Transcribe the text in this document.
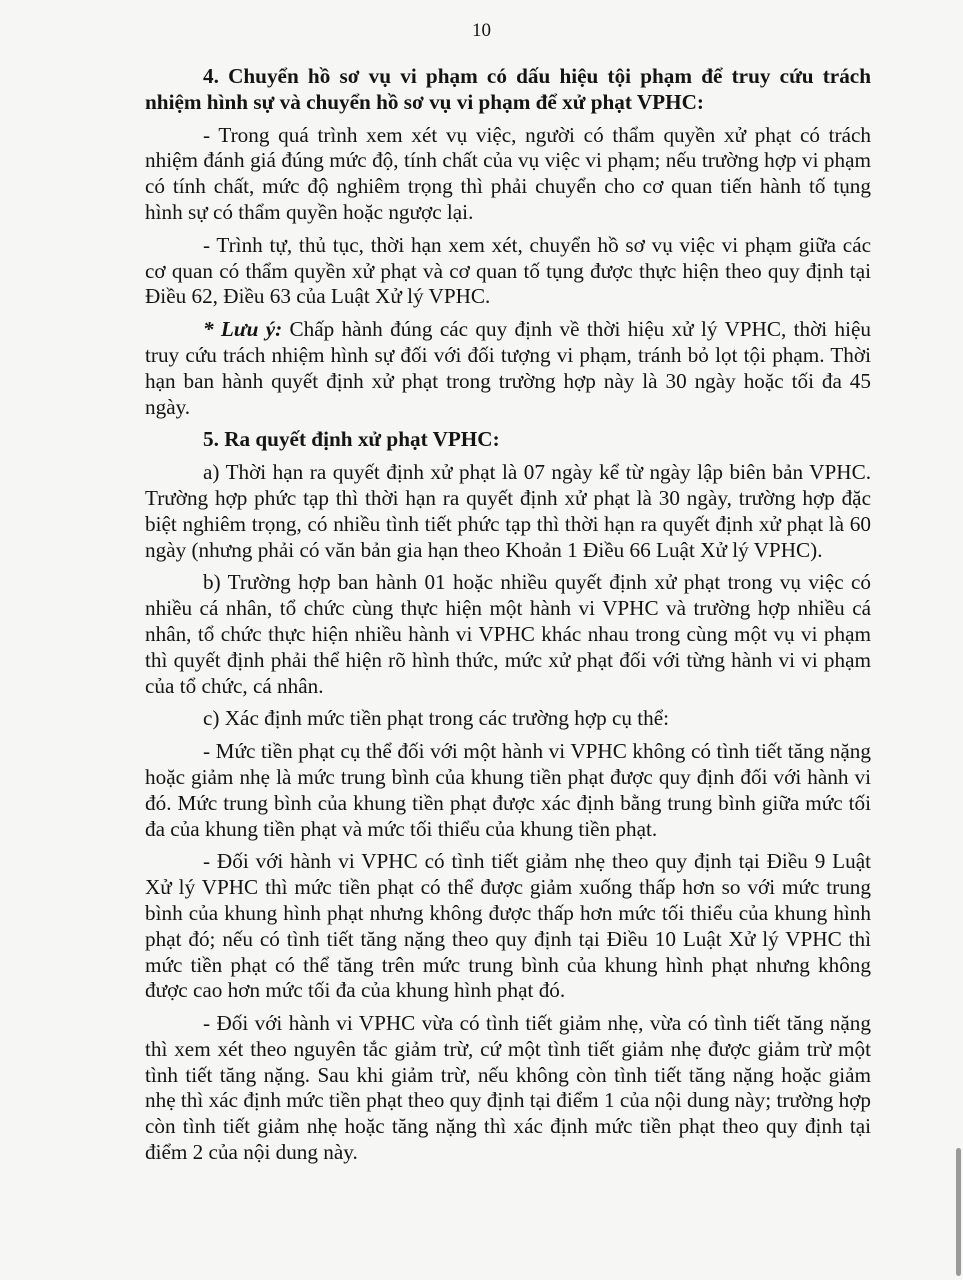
10

4. Chuyển hồ sơ vụ vi phạm có dấu hiệu tội phạm để truy cứu trách nhiệm hình sự và chuyển hồ sơ vụ vi phạm để xử phạt VPHC:

- Trong quá trình xem xét vụ việc, người có thẩm quyền xử phạt có trách nhiệm đánh giá đúng mức độ, tính chất của vụ việc vi phạm; nếu trường hợp vi phạm có tính chất, mức độ nghiêm trọng thì phải chuyển cho cơ quan tiến hành tố tụng hình sự có thẩm quyền hoặc ngược lại.

- Trình tự, thủ tục, thời hạn xem xét, chuyển hồ sơ vụ việc vi phạm giữa các cơ quan có thẩm quyền xử phạt và cơ quan tố tụng được thực hiện theo quy định tại Điều 62, Điều 63 của Luật Xử lý VPHC.

* Lưu ý: Chấp hành đúng các quy định về thời hiệu xử lý VPHC, thời hiệu truy cứu trách nhiệm hình sự đối với đối tượng vi phạm, tránh bỏ lọt tội phạm. Thời hạn ban hành quyết định xử phạt trong trường hợp này là 30 ngày hoặc tối đa 45 ngày.

5. Ra quyết định xử phạt VPHC:

a) Thời hạn ra quyết định xử phạt là 07 ngày kể từ ngày lập biên bản VPHC. Trường hợp phức tạp thì thời hạn ra quyết định xử phạt là 30 ngày, trường hợp đặc biệt nghiêm trọng, có nhiều tình tiết phức tạp thì thời hạn ra quyết định xử phạt là 60 ngày (nhưng phải có văn bản gia hạn theo Khoản 1 Điều 66 Luật Xử lý VPHC).

b) Trường hợp ban hành 01 hoặc nhiều quyết định xử phạt trong vụ việc có nhiều cá nhân, tổ chức cùng thực hiện một hành vi VPHC và trường hợp nhiều cá nhân, tổ chức thực hiện nhiều hành vi VPHC khác nhau trong cùng một vụ vi phạm thì quyết định phải thể hiện rõ hình thức, mức xử phạt đối với từng hành vi vi phạm của tổ chức, cá nhân.

c) Xác định mức tiền phạt trong các trường hợp cụ thể:

- Mức tiền phạt cụ thể đối với một hành vi VPHC không có tình tiết tăng nặng hoặc giảm nhẹ là mức trung bình của khung tiền phạt được quy định đối với hành vi đó. Mức trung bình của khung tiền phạt được xác định bằng trung bình giữa mức tối đa của khung tiền phạt và mức tối thiểu của khung tiền phạt.

- Đối với hành vi VPHC có tình tiết giảm nhẹ theo quy định tại Điều 9 Luật Xử lý VPHC thì mức tiền phạt có thể được giảm xuống thấp hơn so với mức trung bình của khung hình phạt nhưng không được thấp hơn mức tối thiểu của khung hình phạt đó; nếu có tình tiết tăng nặng theo quy định tại Điều 10 Luật Xử lý VPHC thì mức tiền phạt có thể tăng trên mức trung bình của khung hình phạt nhưng không được cao hơn mức tối đa của khung hình phạt đó.

- Đối với hành vi VPHC vừa có tình tiết giảm nhẹ, vừa có tình tiết tăng nặng thì xem xét theo nguyên tắc giảm trừ, cứ một tình tiết giảm nhẹ được giảm trừ một tình tiết tăng nặng. Sau khi giảm trừ, nếu không còn tình tiết tăng nặng hoặc giảm nhẹ thì xác định mức tiền phạt theo quy định tại điểm 1 của nội dung này; trường hợp còn tình tiết giảm nhẹ hoặc tăng nặng thì xác định mức tiền phạt theo quy định tại điểm 2 của nội dung này.
